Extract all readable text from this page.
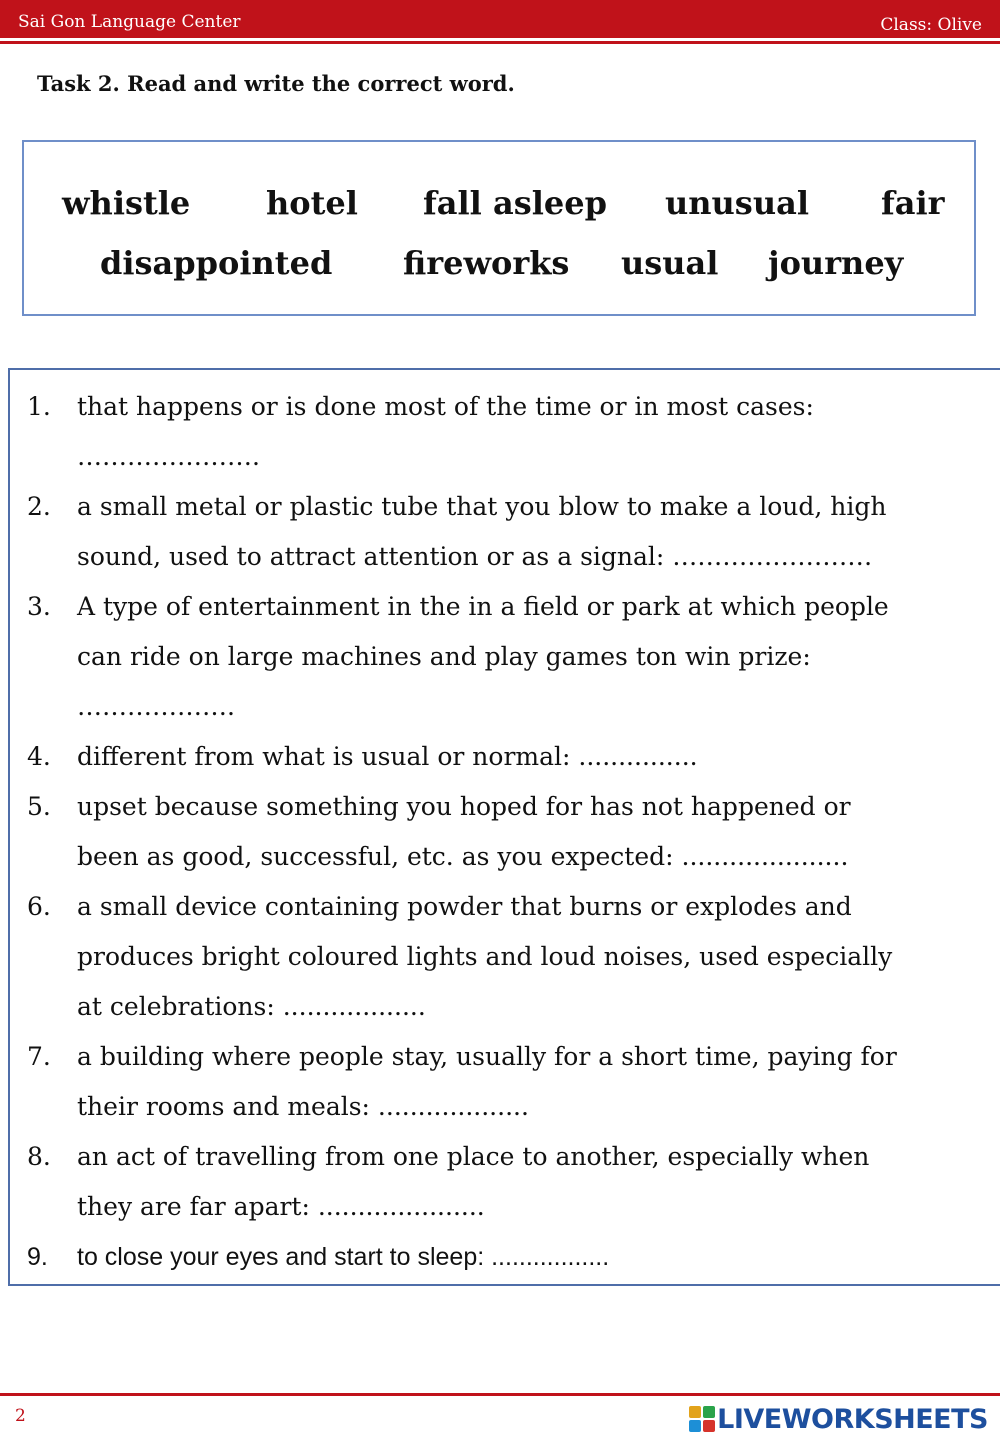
Sai Gon Language Center	Class: Olive
Task 2. Read and write the correct word.
whistle hotel fall asleep unusual fair
disappointed fireworks usual journey
1. that happens or is done most of the time or in most cases:
………………….
2. a small metal or plastic tube that you blow to make a loud, high
sound, used to attract attention or as a signal: ……………………
3. A type of entertainment in the in a field or park at which people
can ride on large machines and play games ton win prize:
……………….
4. different from what is usual or normal: ...............
5. upset because something you hoped for has not happened or
been as good, successful, etc. as you expected: .....................
6. a small device containing powder that burns or explodes and
produces bright coloured lights and loud noises, used especially
at celebrations: ..................
7. a building where people stay, usually for a short time, paying for
their rooms and meals: ...................
8. an act of travelling from one place to another, especially when
they are far apart: .....................
9. to close your eyes and start to sleep: .................
2	LIVEWORKSHEETS
